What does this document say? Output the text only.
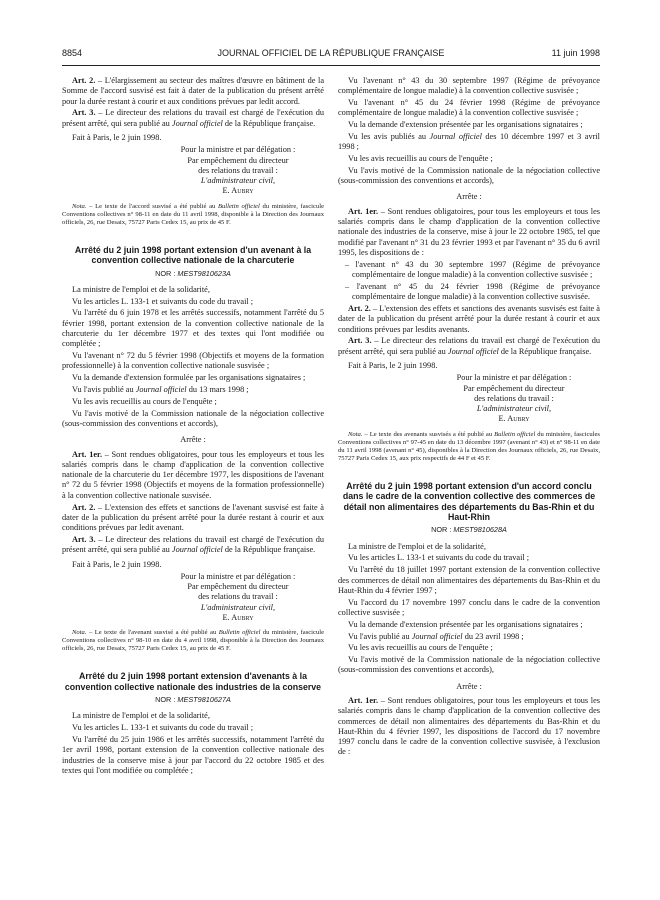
8854	JOURNAL OFFICIEL DE LA RÉPUBLIQUE FRANÇAISE	11 juin 1998

Art. 2. – L'élargissement au secteur des maîtres d'œuvre en bâtiment de la Somme de l'accord susvisé est fait à dater de la publication du présent arrêté pour la durée restant à courir et aux conditions prévues par ledit accord.

Art. 3. – Le directeur des relations du travail est chargé de l'exécution du présent arrêté, qui sera publié au Journal officiel de la République française.

Fait à Paris, le 2 juin 1998.

Pour la ministre et par délégation :
Par empêchement du directeur
des relations du travail :
L'administrateur civil,
E. Aubry

Nota. – Le texte de l'accord susvisé a été publié au Bulletin officiel du ministère, fascicule Conventions collectives n° 98-11 en date du 11 avril 1998, disponible à la Direction des Journaux officiels, 26, rue Desaix, 75727 Paris Cedex 15, au prix de 45 F.

Arrêté du 2 juin 1998 portant extension d'un avenant à la convention collective nationale de la charcuterie

NOR : MEST9810623A

La ministre de l'emploi et de la solidarité,

Vu les articles L. 133-1 et suivants du code du travail ;

Vu l'arrêté du 6 juin 1978 et les arrêtés successifs, notamment l'arrêté du 5 février 1998, portant extension de la convention collective nationale de la charcuterie du 1er décembre 1977 et des textes qui l'ont modifiée ou complétée ;

Vu l'avenant n° 72 du 5 février 1998 (Objectifs et moyens de la formation professionnelle) à la convention collective nationale susvisée ;

Vu la demande d'extension formulée par les organisations signataires ;

Vu l'avis publié au Journal officiel du 13 mars 1998 ;

Vu les avis recueillis au cours de l'enquête ;

Vu l'avis motivé de la Commission nationale de la négociation collective (sous-commission des conventions et accords),

Arrête :

Art. 1er. – Sont rendues obligatoires, pour tous les employeurs et tous les salariés compris dans le champ d'application de la convention collective nationale de la charcuterie du 1er décembre 1977, les dispositions de l'avenant n° 72 du 5 février 1998 (Objectifs et moyens de la formation professionnelle) à la convention collective nationale susvisée.

Art. 2. – L'extension des effets et sanctions de l'avenant susvisé est faite à dater de la publication du présent arrêté pour la durée restant à courir et aux conditions prévues par ledit avenant.

Art. 3. – Le directeur des relations du travail est chargé de l'exécution du présent arrêté, qui sera publié au Journal officiel de la République française.

Fait à Paris, le 2 juin 1998.

Pour la ministre et par délégation :
Par empêchement du directeur
des relations du travail :
L'administrateur civil,
E. Aubry

Nota. – Le texte de l'avenant susvisé a été publié au Bulletin officiel du ministère, fascicule Conventions collectives n° 98-10 en date du 4 avril 1998, disponible à la Direction des Journaux officiels, 26, rue Desaix, 75727 Paris Cedex 15, au prix de 45 F.

Arrêté du 2 juin 1998 portant extension d'avenants à la convention collective nationale des industries de la conserve

NOR : MEST9810627A

La ministre de l'emploi et de la solidarité,

Vu les articles L. 133-1 et suivants du code du travail ;

Vu l'arrêté du 25 juin 1986 et les arrêtés successifs, notamment l'arrêté du 1er avril 1998, portant extension de la convention collective nationale des industries de la conserve mise à jour par l'accord du 22 octobre 1985 et des textes qui l'ont modifiée ou complétée ;

Vu l'avenant n° 43 du 30 septembre 1997 (Régime de prévoyance complémentaire de longue maladie) à la convention collective susvisée ;

Vu l'avenant n° 45 du 24 février 1998 (Régime de prévoyance complémentaire de longue maladie) à la convention collective susvisée ;

Vu la demande d'extension présentée par les organisations signataires ;

Vu les avis publiés au Journal officiel des 10 décembre 1997 et 3 avril 1998 ;

Vu les avis recueillis au cours de l'enquête ;

Vu l'avis motivé de la Commission nationale de la négociation collective (sous-commission des conventions et accords),

Arrête :

Art. 1er. – Sont rendues obligatoires, pour tous les employeurs et tous les salariés compris dans le champ d'application de la convention collective nationale des industries de la conserve, mise à jour le 22 octobre 1985, tel que modifié par l'avenant n° 31 du 23 février 1993 et par l'avenant n° 35 du 6 avril 1995, les dispositions de :

– l'avenant n° 43 du 30 septembre 1997 (Régime de prévoyance complémentaire de longue maladie) à la convention collective susvisée ;

– l'avenant n° 45 du 24 février 1998 (Régime de prévoyance complémentaire de longue maladie) à la convention collective susvisée.

Art. 2. – L'extension des effets et sanctions des avenants susvisés est faite à dater de la publication du présent arrêté pour la durée restant à courir et aux conditions prévues par lesdits avenants.

Art. 3. – Le directeur des relations du travail est chargé de l'exécution du présent arrêté, qui sera publié au Journal officiel de la République française.

Fait à Paris, le 2 juin 1998.

Pour la ministre et par délégation :
Par empêchement du directeur
des relations du travail :
L'administrateur civil,
E. Aubry

Nota. – Le texte des avenants susvisés a été publié au Bulletin officiel du ministère, fascicules Conventions collectives n° 97-45 en date du 13 décembre 1997 (avenant n° 43) et n° 98-11 en date du 11 avril 1998 (avenant n° 45), disponibles à la Direction des Journaux officiels, 26, rue Desaix, 75727 Paris Cedex 15, aux prix respectifs de 44 F et 45 F.

Arrêté du 2 juin 1998 portant extension d'un accord conclu dans le cadre de la convention collective des commerces de détail non alimentaires des départements du Bas-Rhin et du Haut-Rhin

NOR : MEST9810628A

La ministre de l'emploi et de la solidarité,

Vu les articles L. 133-1 et suivants du code du travail ;

Vu l'arrêté du 18 juillet 1997 portant extension de la convention collective des commerces de détail non alimentaires des départements du Bas-Rhin et du Haut-Rhin du 4 février 1997 ;

Vu l'accord du 17 novembre 1997 conclu dans le cadre de la convention collective susvisée ;

Vu la demande d'extension présentée par les organisations signataires ;

Vu l'avis publié au Journal officiel du 23 avril 1998 ;

Vu les avis recueillis au cours de l'enquête ;

Vu l'avis motivé de la Commission nationale de la négociation collective (sous-commission des conventions et accords),

Arrête :

Art. 1er. – Sont rendues obligatoires, pour tous les employeurs et tous les salariés compris dans le champ d'application de la convention collective des commerces de détail non alimentaires des départements du Bas-Rhin et du Haut-Rhin du 4 février 1997, les dispositions de l'accord du 17 novembre 1997 conclu dans le cadre de la convention collective susvisée, à l'exclusion de :
